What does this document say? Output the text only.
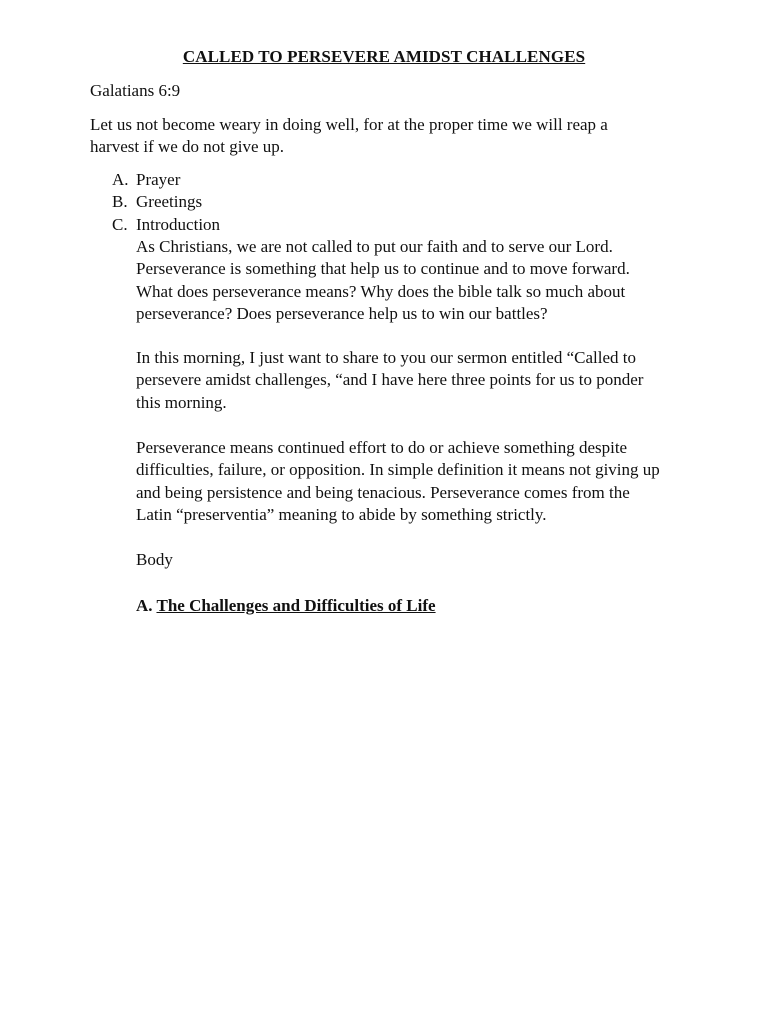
CALLED TO PERSEVERE AMIDST CHALLENGES
Galatians 6:9
Let us not become weary in doing well, for at the proper time we will reap a
harvest if we do not give up.
A. Prayer
B. Greetings
C. Introduction
As Christians, we are not called to put our faith and to serve our Lord.
Perseverance is something that help us to continue and to move forward.
What does perseverance means? Why does the bible talk so much about
perseverance? Does perseverance help us to win our battles?
In this morning, I just want to share to you our sermon entitled “Called to
persevere amidst challenges, “and I have here three points for us to ponder
this morning.
Perseverance means continued effort to do or achieve something despite
difficulties, failure, or opposition. In simple definition it means not giving up
and being persistence and being tenacious. Perseverance comes from the
Latin “preserventia” meaning to abide by something strictly.
Body
A. The Challenges and Difficulties of Life
